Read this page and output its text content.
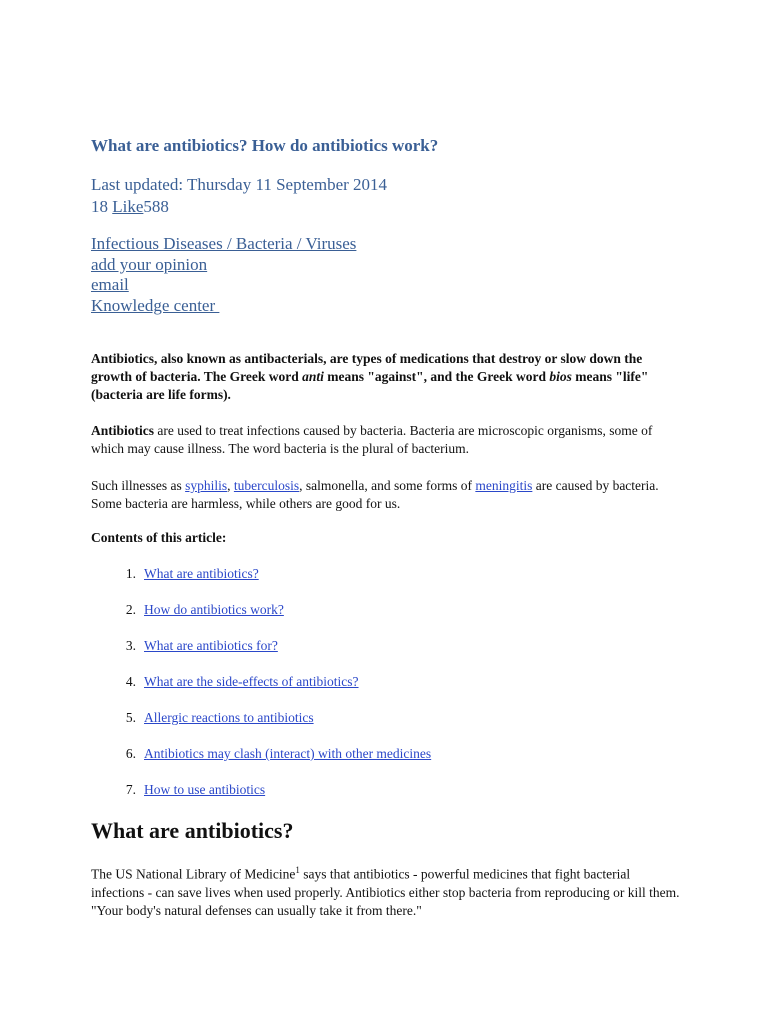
What are antibiotics? How do antibiotics work?
Last updated: Thursday 11 September 2014
18 Like588
Infectious Diseases / Bacteria / Viruses
add your opinion
email
Knowledge center

Antibiotics, also known as antibacterials, are types of medications that destroy or slow down the growth of bacteria. The Greek word anti means "against", and the Greek word bios means "life" (bacteria are life forms).

Antibiotics are used to treat infections caused by bacteria. Bacteria are microscopic organisms, some of which may cause illness. The word bacteria is the plural of bacterium.

Such illnesses as syphilis, tuberculosis, salmonella, and some forms of meningitis are caused by bacteria. Some bacteria are harmless, while others are good for us.

Contents of this article:

1. What are antibiotics?
2. How do antibiotics work?
3. What are antibiotics for?
4. What are the side-effects of antibiotics?
5. Allergic reactions to antibiotics
6. Antibiotics may clash (interact) with other medicines
7. How to use antibiotics
What are antibiotics?

The US National Library of Medicine$^1$ says that antibiotics - powerful medicines that fight bacterial infections - can save lives when used properly. Antibiotics either stop bacteria from reproducing or kill them. "Your body's natural defenses can usually take it from there."
